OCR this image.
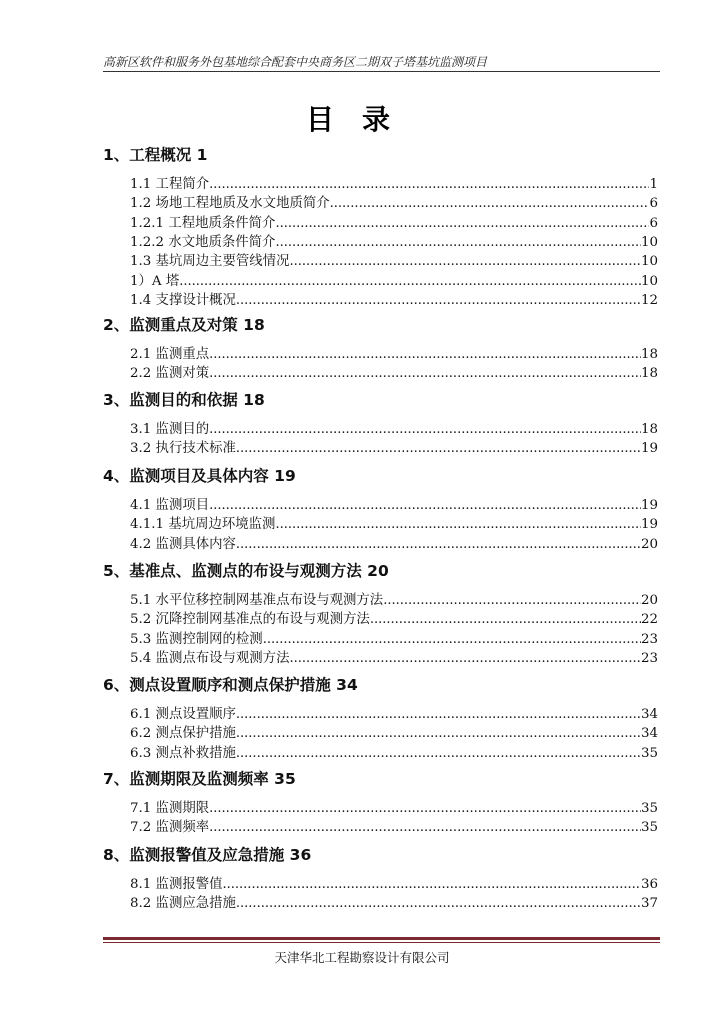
高新区软件和服务外包基地综合配套中央商务区二期双子塔基坑监测项目
目录
1、工程概况 1
1.1 工程简介 .....	1
1.2 场地工程地质及水文地质简介 .....	6
1.2.1 工程地质条件简介 .....	6
1.2.2 水文地质条件简介 .....	10
1.3 基坑周边主要管线情况 .....	10
1）A 塔 .....	10
1.4 支撑设计概况 .....	12
2、监测重点及对策 18
2.1 监测重点 .....	18
2.2 监测对策 .....	18
3、监测目的和依据 18
3.1 监测目的 .....	18
3.2 执行技术标准 .....	19
4、监测项目及具体内容 19
4.1 监测项目 .....	19
4.1.1 基坑周边环境监测 .....	19
4.2 监测具体内容 .....	20
5、基准点、监测点的布设与观测方法 20
5.1 水平位移控制网基准点布设与观测方法 .....	20
5.2 沉降控制网基准点的布设与观测方法 .....	22
5.3 监测控制网的检测 .....	23
5.4 监测点布设与观测方法 .....	23
6、测点设置顺序和测点保护措施 34
6.1 测点设置顺序 .....	34
6.2 测点保护措施 .....	34
6.3 测点补救措施 .....	35
7、监测期限及监测频率 35
7.1 监测期限 .....	35
7.2 监测频率 .....	35
8、监测报警值及应急措施 36
8.1 监测报警值 .....	36
8.2 监测应急措施 .....	37
天津华北工程勘察设计有限公司
